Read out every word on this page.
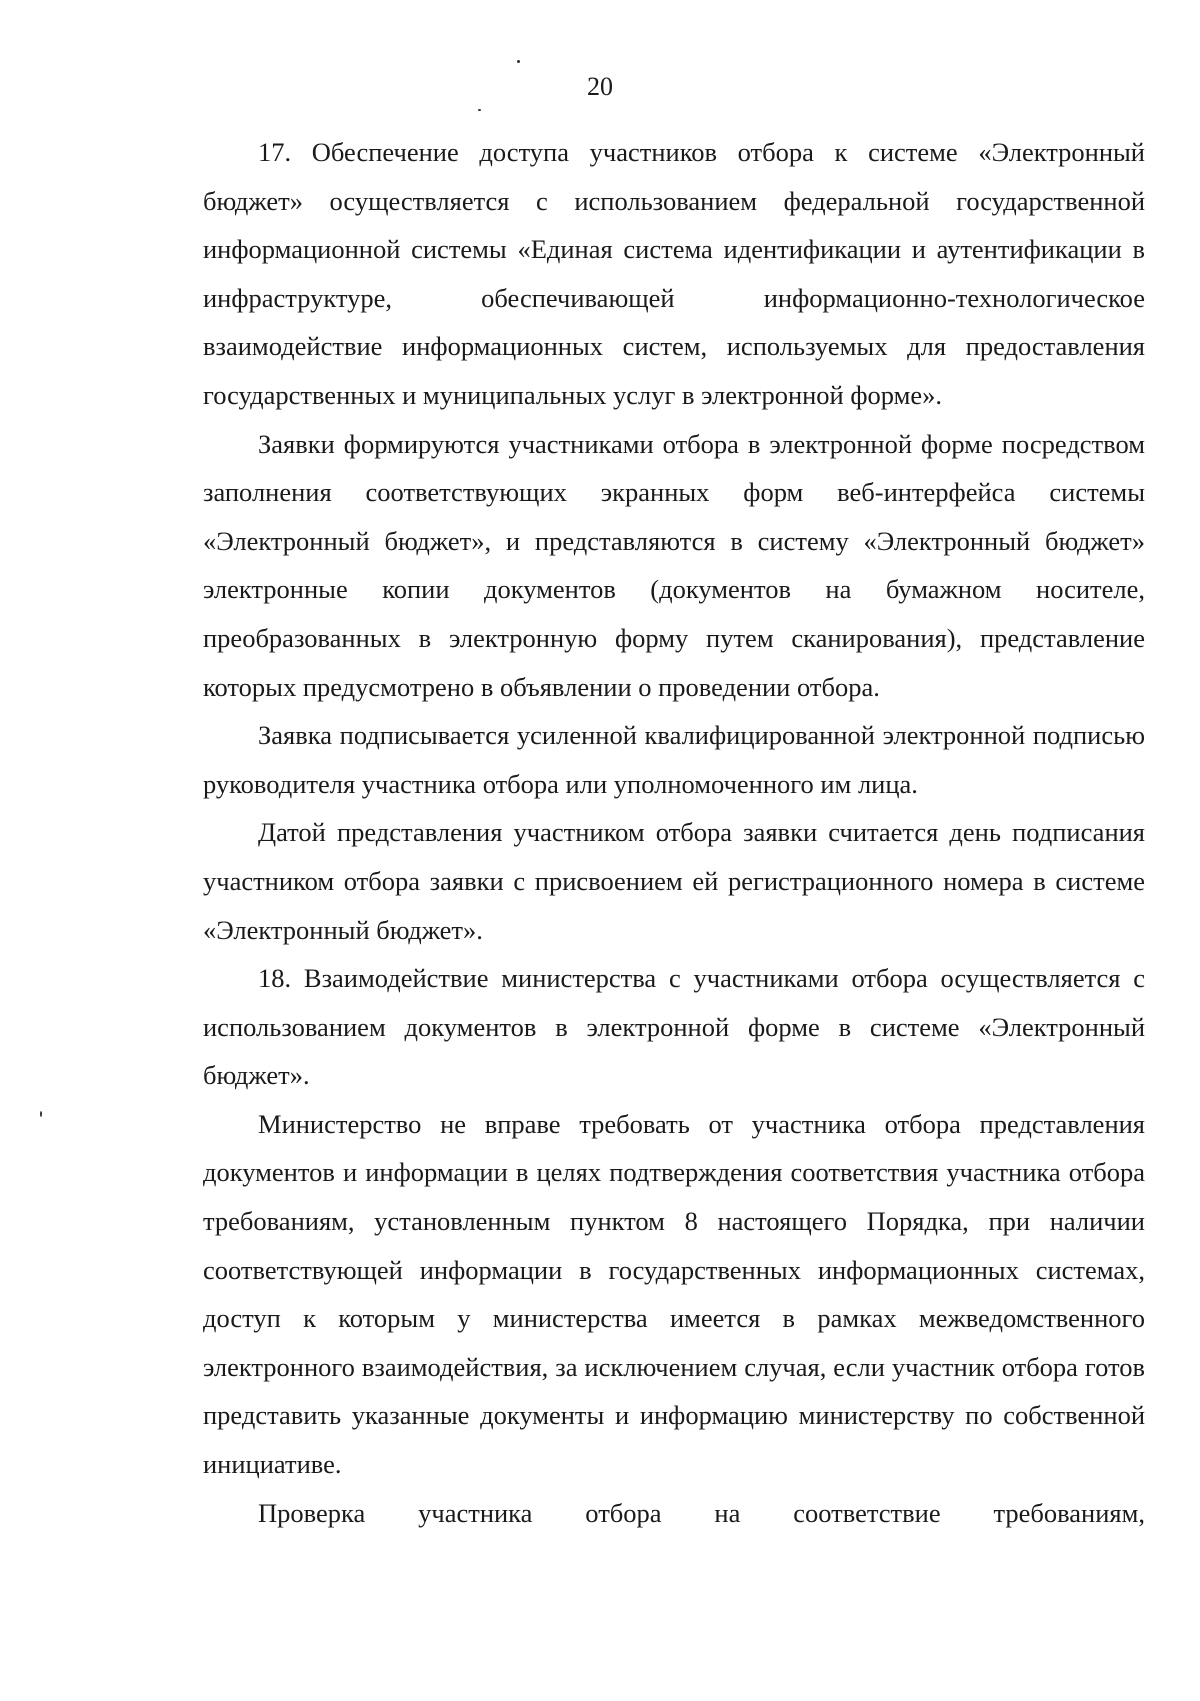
20

17. Обеспечение доступа участников отбора к системе «Электронный бюджет» осуществляется с использованием федеральной государственной информационной системы «Единая система идентификации и аутентификации в инфраструктуре, обеспечивающей информационно-технологическое взаимодействие информационных систем, используемых для предоставления государственных и муниципальных услуг в электронной форме».

Заявки формируются участниками отбора в электронной форме посредством заполнения соответствующих экранных форм веб-интерфейса системы «Электронный бюджет», и представляются в систему «Электронный бюджет» электронные копии документов (документов на бумажном носителе, преобразованных в электронную форму путем сканирования), представление которых предусмотрено в объявлении о проведении отбора.

Заявка подписывается усиленной квалифицированной электронной подписью руководителя участника отбора или уполномоченного им лица.

Датой представления участником отбора заявки считается день подписания участником отбора заявки с присвоением ей регистрационного номера в системе «Электронный бюджет».

18. Взаимодействие министерства с участниками отбора осуществляется с использованием документов в электронной форме в системе «Электронный бюджет».

Министерство не вправе требовать от участника отбора представления документов и информации в целях подтверждения соответствия участника отбора требованиям, установленным пунктом 8 настоящего Порядка, при наличии соответствующей информации в государственных информационных системах, доступ к которым у министерства имеется в рамках межведомственного электронного взаимодействия, за исключением случая, если участник отбора готов представить указанные документы и информацию министерству по собственной инициативе.

Проверка участника отбора на соответствие требованиям,
